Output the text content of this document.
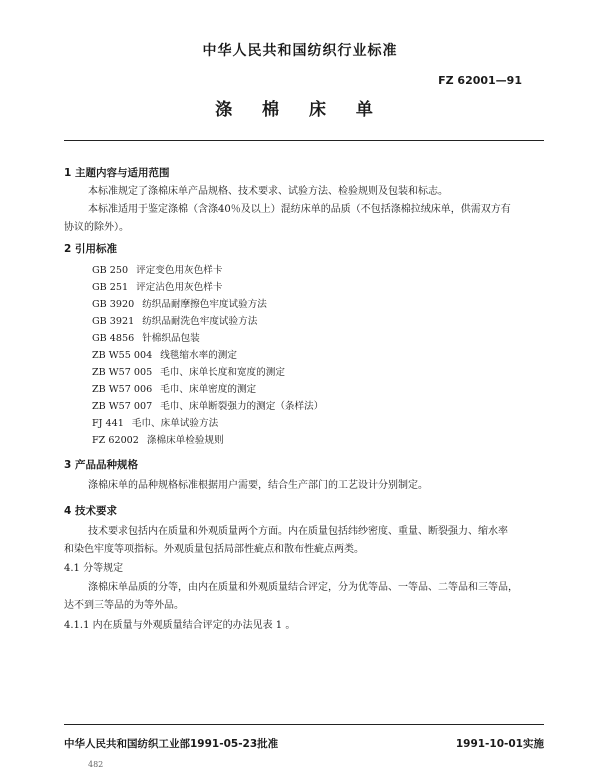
中华人民共和国纺织行业标准
FZ 62001—91
涤 棉 床 单
1 主题内容与适用范围
本标准规定了涤棉床单产品规格、技术要求、试验方法、检验规则及包装和标志。
本标准适用于鉴定涤棉（含涤40％及以上）混纺床单的品质（不包括涤棉拉绒床单，供需双方有
协议的除外）。
2 引用标准
GB 250 评定变色用灰色样卡
GB 251 评定沾色用灰色样卡
GB 3920 纺织品耐摩擦色牢度试验方法
GB 3921 纺织品耐洗色牢度试验方法
GB 4856 针棉织品包装
ZB W55 004 线毯缩水率的测定
ZB W57 005 毛巾、床单长度和宽度的测定
ZB W57 006 毛巾、床单密度的测定
ZB W57 007 毛巾、床单断裂强力的测定（条样法）
FJ 441 毛巾、床单试验方法
FZ 62002 涤棉床单检验规则
3 产品品种规格
涤棉床单的品种规格标准根据用户需要，结合生产部门的工艺设计分别制定。
4 技术要求
技术要求包括内在质量和外观质量两个方面。内在质量包括纬纱密度、重量、断裂强力、缩水率
和染色牢度等项指标。外观质量包括局部性疵点和散布性疵点两类。
4.1 分等规定
涤棉床单品质的分等，由内在质量和外观质量结合评定，分为优等品、一等品、二等品和三等品，
达不到三等品的为等外品。
4.1.1 内在质量与外观质量结合评定的办法见表 1 。
中华人民共和国纺织工业部1991-05-23批准	1991-10-01实施
482
